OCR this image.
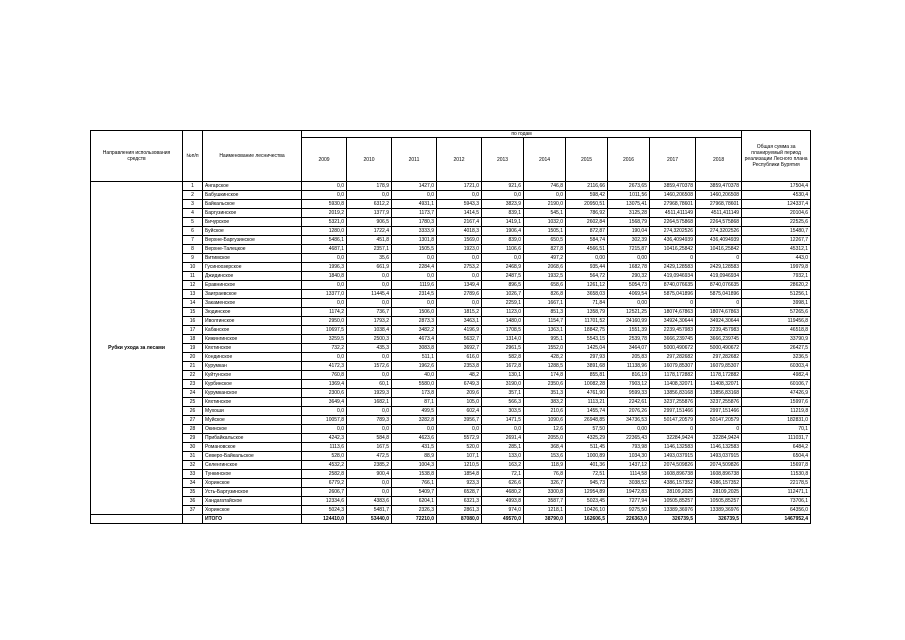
Направления использования средств	№п/п	Наименование лесничества	по годам										Общая сумма за планируемый период реализации Лесного плана Республики Бурятия
			2009	2010	2011	2012	2013	2014	2015	2016	2017	2018	
Рубки ухода за лесами	1	Ангарское	0,0	178,9	1427,0	1721,0	921,6	746,8	2116,66	2673,65	3859,470378	3859,470378	17504,4
	2	Бабушкинское	0,0	0,0	0,0	0,0	0,0	0,0	598,42	1011,56	1460,206508	1460,206508	4530,4
	3	Байкальское	5930,8	6312,2	4931,1	5943,3	3823,9	2190,0	20950,51	13075,41	27968,78601	27968,78601	124337,4
	4	Баргузинское	2019,2	1377,9	1173,7	1414,5	839,1	545,1	786,92	3125,28	4511,411149	4511,411149	20104,6
	5	Бичурское	5321,0	906,5	1780,3	2167,4	1419,1	1032,0	2602,84	1568,79	2264,575868	2264,575868	22525,6
	6	Буйское	1280,0	1722,4	3333,9	4018,3	1906,4	1505,1	872,87	190,04	274,3202526	274,3202526	15480,7
	7	Верхне-Баргузинское	5486,1	451,8	1301,8	1569,0	839,0	650,5	584,74	302,39	436,4094939	436,4094939	12267,7
	8	Верхне-Талецкое	4687,1	2357,1	1505,5	1923,0	1106,6	827,8	4566,51	7215,87	10416,25842	10416,25842	45312,1
	9	Витимское	0,0	35,6	0,0	0,0	0,0	497,2	0,00	0,00	0	0	443,0
	10	Гусиноозерское	1996,3	661,9	2284,4	2753,2	2468,9	2068,6	935,44	1682,78	2429,128583	2429,128583	19979,8
	11	Джидинское	1840,8	0,0	0,0	0,0	2487,5	1932,5	564,72	290,32	419,0946934	419,0946934	7932,1
	12	Еравнинское	0,0	0,0	1119,6	1349,4	896,5	658,6	1261,12	5054,73	8740,076635	8740,076635	28620,2
	13	Заиграевское	13377,0	11445,4	2314,5	2789,6	1026,7	826,8	3658,03	4069,54	5875,041896	5875,041896	51256,1
	14	Закаменское	0,0	0,0	0,0	0,0	2259,1	1667,1	71,84	0,00	0	0	3998,1
	15	Зюдинское	1174,2	736,7	1506,0	1815,2	1123,0	851,3	1358,79	12521,25	18074,67863	18074,67863	57265,6
	16	Иволгинское	2950,0	1793,2	2873,3	3463,1	1480,0	1154,7	11701,52	24160,99	34924,30644	34924,30644	119456,8
	17	Кабанское	10697,5	1038,4	3482,2	4196,9	1708,5	1363,1	18842,75	1551,39	2239,457983	2239,457983	46518,8
	18	Кижингинское	3259,5	2500,3	4673,4	5632,7	1314,0	995,1	5543,15	2539,78	3666,239745	3666,239745	33790,9
	19	Кяхтинское	732,2	435,3	3083,8	3692,7	2961,5	1552,0	1425,04	3464,07	5000,490672	5000,490672	26427,5
	20	Кондинское	0,0	0,0	511,1	616,0	582,8	428,2	297,93	205,83	297,282682	297,282682	3236,5
	21	Курумкан	4172,3	1572,6	1962,6	2353,8	1672,8	1288,5	3891,68	11138,96	16079,85307	16079,85307	60303,4
	22	Куйтунское	760,8	0,0	40,0	48,2	130,1	174,8	855,81	816,19	1178,172882	1178,172882	4982,4
	23	Курбинское	1369,4	60,1	5580,0	6749,3	3190,0	2350,6	10082,28	7903,12	11408,32071	11408,32071	60106,7
	24	Курумканское	2300,6	1929,3	173,8	209,6	357,1	351,3	4761,90	9599,33	13856,83168	13856,83168	47426,9
	25	Кяхтинское	3649,4	1682,1	87,1	105,0	566,3	383,2	1113,21	2242,61	3237,255876	3237,255876	15997,6
	26	Мухоши	0,0	0,0	499,5	602,4	303,5	210,6	1455,74	2076,26	2997,151466	2997,151466	11219,8
	27	Муйское	10057,8	789,3	3282,8	3956,7	1471,5	1090,6	26948,85	34736,53	50147,20579	50147,20579	182831,0
	28	Окинское	0,0	0,0	0,0	0,0	0,0	12,6	57,50	0,00	0	0	70,1
	29	Прибайкальское	4242,3	584,8	4623,6	5572,9	2691,4	2055,0	4325,29	22365,43	32284,9424	32284,9424	111031,7
	30	Романовское	1113,6	167,5	431,5	520,0	285,1	368,4	511,45	793,98	1146,132583	1146,132583	6484,2
	31	Северо-Байкальское	528,0	472,5	88,9	107,1	133,0	153,6	1000,89	1034,30	1493,037915	1493,037915	6504,4
	32	Селенгинское	4532,2	2385,2	1004,3	1210,5	163,2	118,9	401,36	1437,12	2074,509826	2074,509826	15697,8
	33	Тункинское	2582,8	900,4	1538,8	1854,8	72,1	76,8	72,51	1114,58	1608,896738	1608,896738	11530,8
	34	Хоринское	6779,2	0,0	766,1	923,3	626,6	326,7	945,73	3038,52	4386,157352	4386,157352	22178,5
	35	Усть-Баргузинское	2606,7	0,0	5409,7	6528,7	4680,2	3300,8	12954,89	19472,83	28109,2025	28109,2025	112471,1
	36	Хандагатайское	12334,6	4383,6	6204,1	6321,3	4993,8	3587,7	5023,45	7277,94	10505,85257	10505,85257	73706,1
	37	Хоринское	5024,3	5481,7	2326,3	2861,3	974,0	1218,1	10426,10	9275,50	13389,36976	13389,36976	64356,0
		ИТОГО	124410,0	53440,0	72210,0	87080,0	49570,0	38790,0	162606,5	226363,0	326739,5	326739,5	1467952,4
